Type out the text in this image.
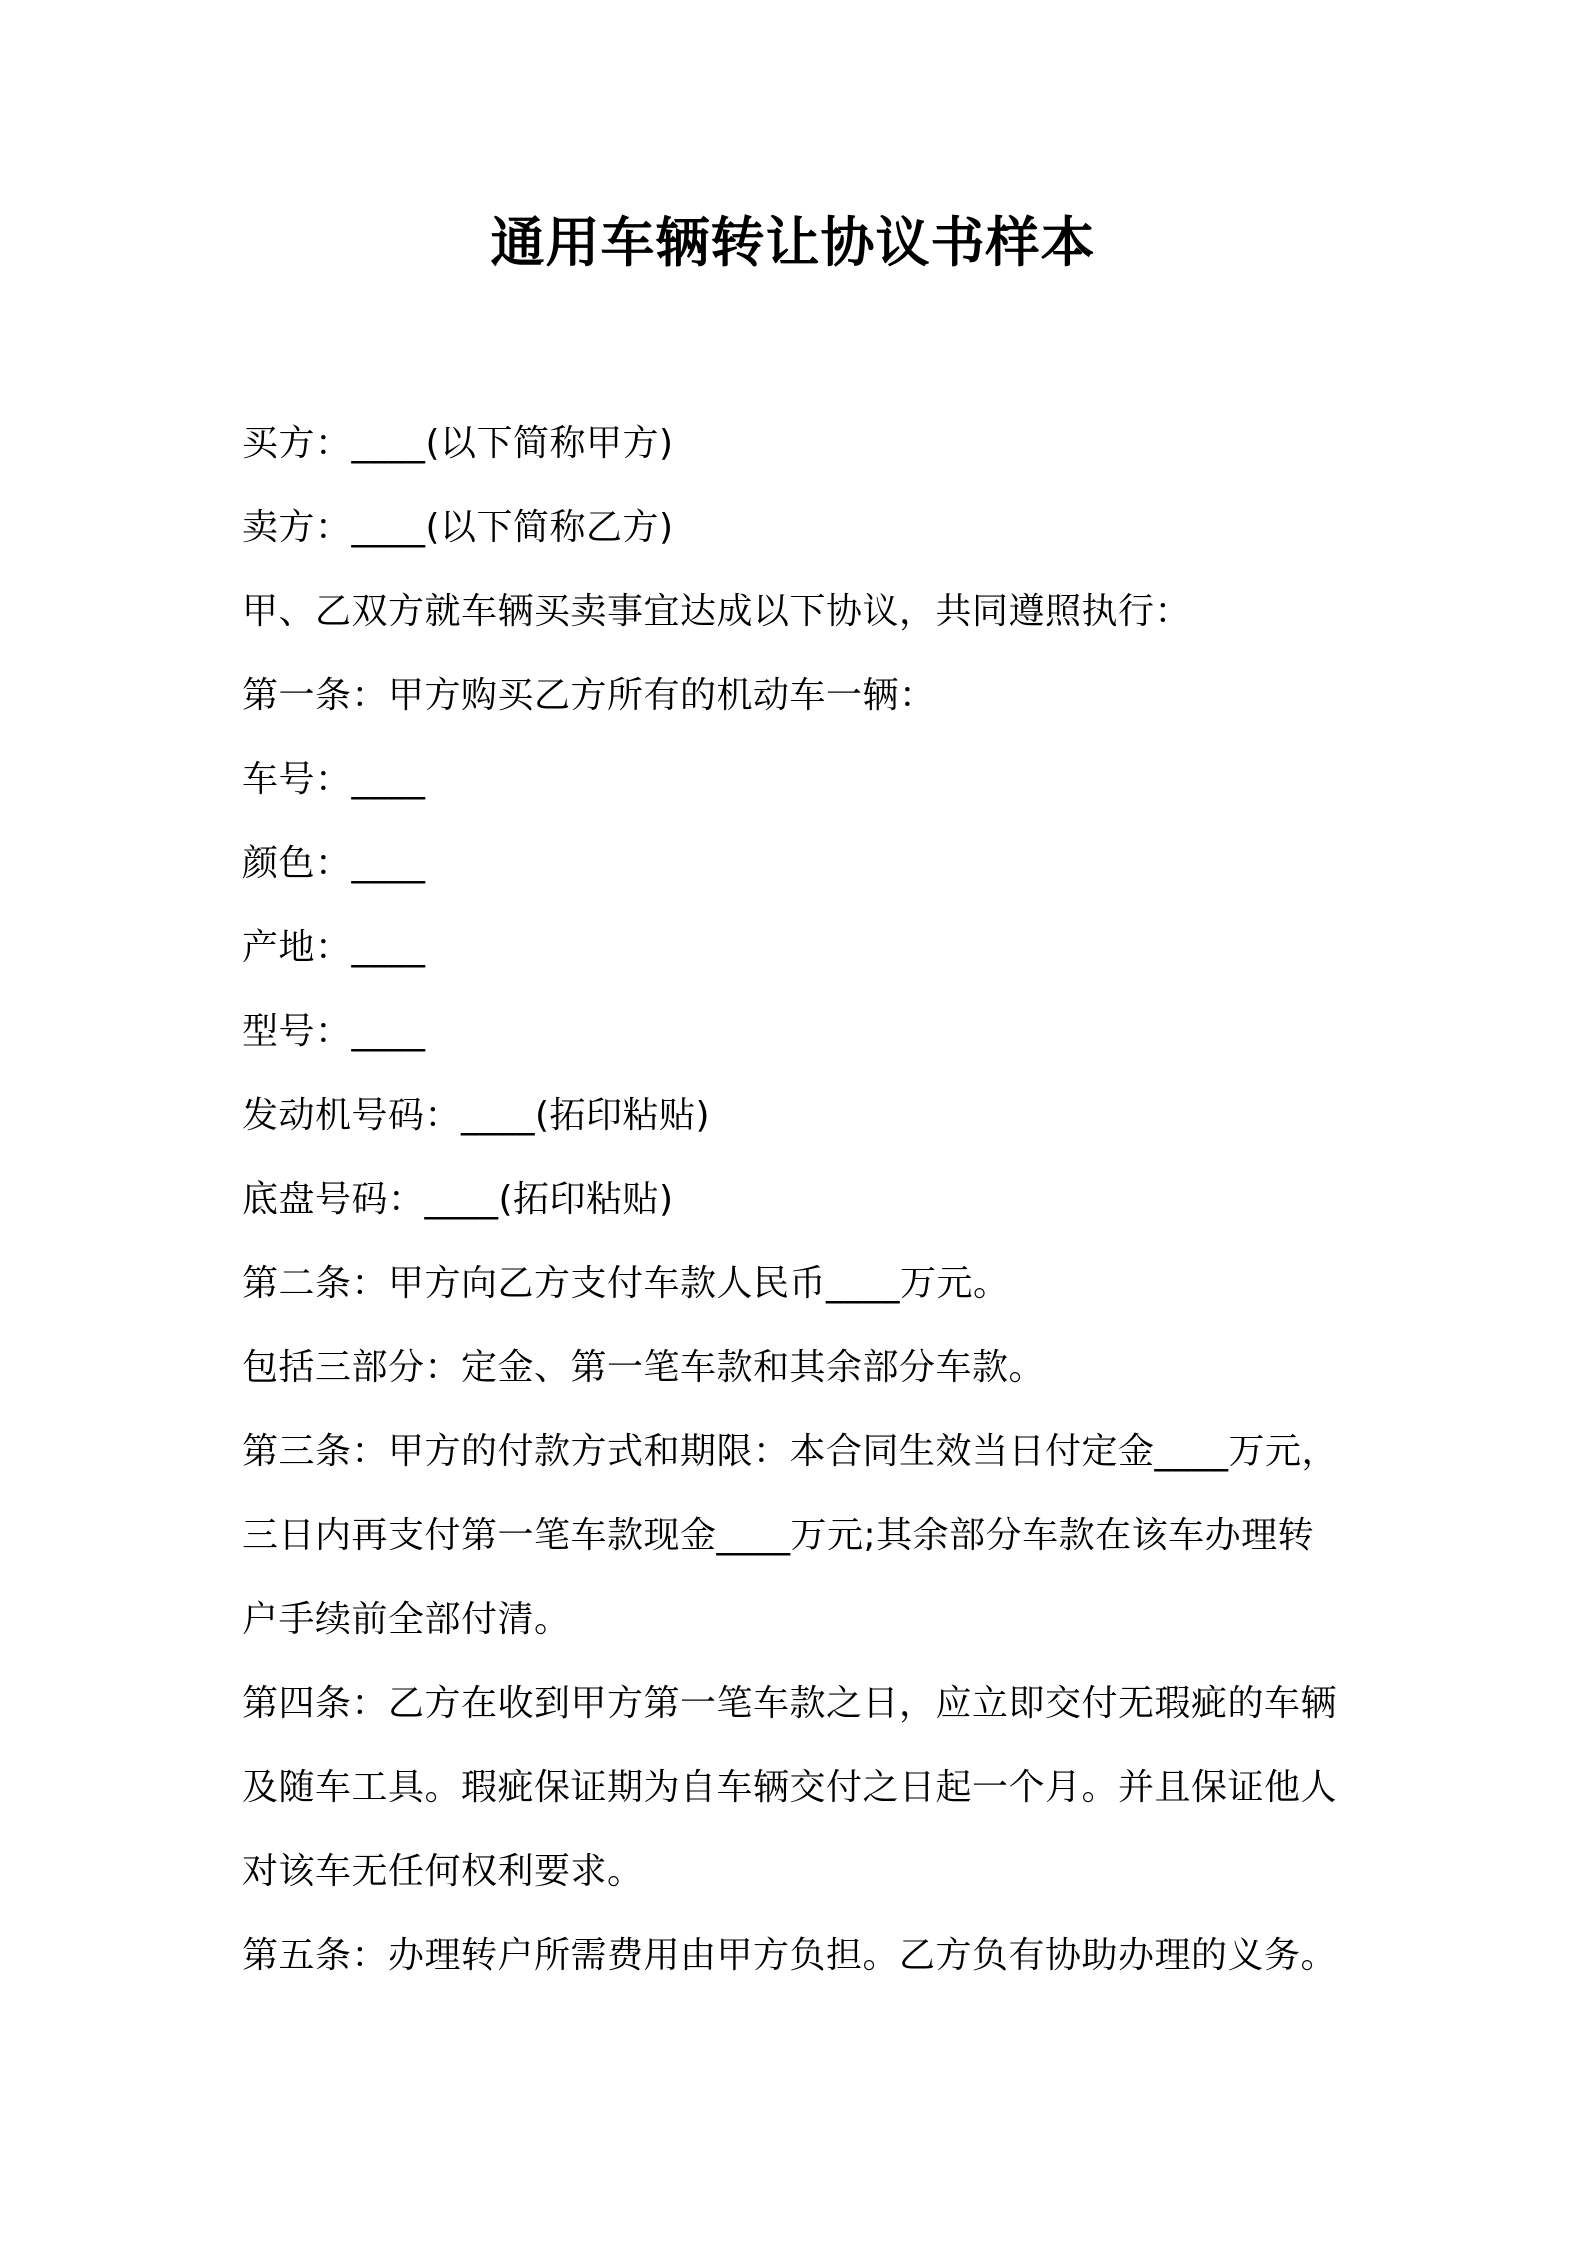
通用车辆转让协议书样本
买方：____(以下简称甲方)
卖方：____(以下简称乙方)
甲、乙双方就车辆买卖事宜达成以下协议，共同遵照执行：
第一条：甲方购买乙方所有的机动车一辆：
车号：____
颜色：____
产地：____
型号：____
发动机号码：____(拓印粘贴)
底盘号码：____(拓印粘贴)
第二条：甲方向乙方支付车款人民币____万元。
包括三部分：定金、第一笔车款和其余部分车款。
第三条：甲方的付款方式和期限：本合同生效当日付定金____万元，
三日内再支付第一笔车款现金____万元;其余部分车款在该车办理转
户手续前全部付清。
第四条：乙方在收到甲方第一笔车款之日，应立即交付无瑕疵的车辆
及随车工具。瑕疵保证期为自车辆交付之日起一个月。并且保证他人
对该车无任何权利要求。
第五条：办理转户所需费用由甲方负担。乙方负有协助办理的义务。
